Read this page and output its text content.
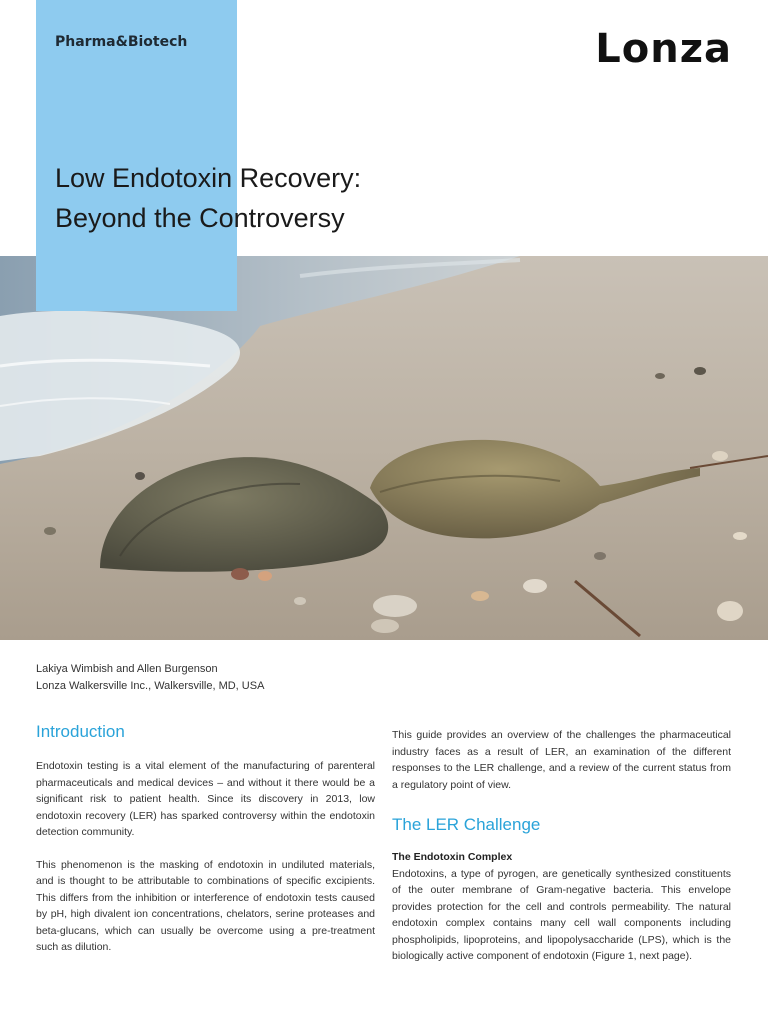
Pharma&Biotech	Lonza
Low Endotoxin Recovery:
Beyond the Controversy
Lakiya Wimbish and Allen Burgenson
Lonza Walkersville Inc., Walkersville, MD, USA
Introduction

Endotoxin testing is a vital element of the manufacturing of parenteral pharmaceuticals and medical devices – and without it there would be a significant risk to patient health. Since its discovery in 2013, low endotoxin recovery (LER) has sparked controversy within the endotoxin detection community.

This phenomenon is the masking of endotoxin in undiluted materials, and is thought to be attributable to combinations of specific excipients. This differs from the inhibition or interference of endotoxin tests caused by pH, high divalent ion concentrations, chelators, serine proteases and beta-glucans, which can usually be overcome using a pre-treatment such as dilution.

This guide provides an overview of the challenges the pharmaceutical industry faces as a result of LER, an examination of the different responses to the LER challenge, and a review of the current status from a regulatory point of view.

The LER Challenge
The Endotoxin Complex

Endotoxins, a type of pyrogen, are genetically synthesized constituents of the outer membrane of Gram-negative bacteria. This envelope provides protection for the cell and controls permeability. The natural endotoxin complex contains many cell wall components including phospholipids, lipoproteins, and lipopolysaccharide (LPS), which is the biologically active component of endotoxin (Figure 1, next page).
